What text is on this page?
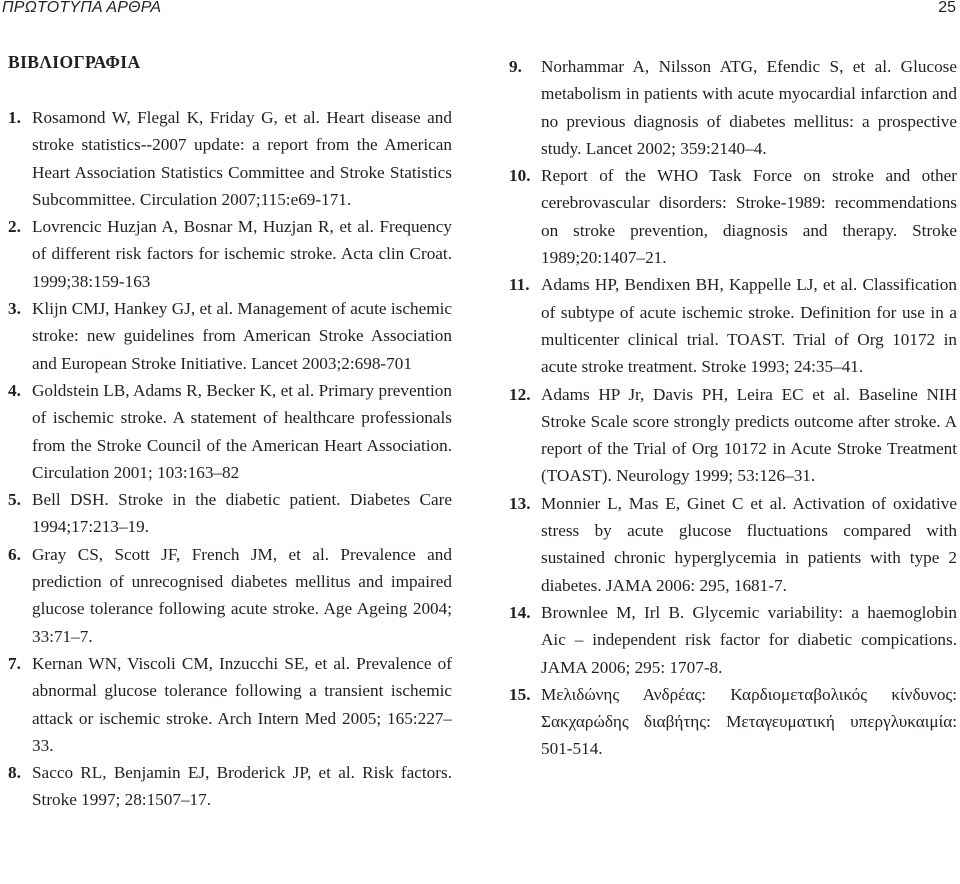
ΠΡΩΤΟΤΥΠΑ ΑΡΘΡΑ	25
ΒΙΒΛΙΟΓΡΑΦΙΑ
1. Rosamond W, Flegal K, Friday G, et al. Heart disease and stroke statistics--2007 update: a report from the American Heart Association Statistics Committee and Stroke Statistics Subcommittee. Circulation 2007;115:e69-171.
2. Lovrencic Huzjan A, Bosnar M, Huzjan R, et al. Frequency of different risk factors for ischemic stroke. Acta clin Croat. 1999;38:159-163
3. Klijn CMJ, Hankey GJ, et al. Management of acute ischemic stroke: new guidelines from American Stroke Association and European Stroke Initiative. Lancet 2003;2:698-701
4. Goldstein LB, Adams R, Becker K, et al. Primary prevention of ischemic stroke. A statement of healthcare professionals from the Stroke Council of the American Heart Association. Circulation 2001; 103:163–82
5. Bell DSH. Stroke in the diabetic patient. Diabetes Care 1994;17:213–19.
6. Gray CS, Scott JF, French JM, et al. Prevalence and prediction of unrecognised diabetes mellitus and impaired glucose tolerance following acute stroke. Age Ageing 2004; 33:71–7.
7. Kernan WN, Viscoli CM, Inzucchi SE, et al. Prevalence of abnormal glucose tolerance following a transient ischemic attack or ischemic stroke. Arch Intern Med 2005; 165:227–33.
8. Sacco RL, Benjamin EJ, Broderick JP, et al. Risk factors. Stroke 1997; 28:1507–17.
9.	Norhammar A, Nilsson ATG, Efendic S, et al. Glucose metabolism in patients with acute myocardial infarction and no previous diagnosis of diabetes mellitus: a prospective study. Lancet 2002; 359:2140–4.
10. Report of the WHO Task Force on stroke and other cerebrovascular disorders: Stroke-1989: recommendations on stroke prevention, diagnosis and therapy. Stroke 1989;20:1407–21.
11. Adams HP, Bendixen BH, Kappelle LJ, et al. Classification of subtype of acute ischemic stroke. Definition for use in a multicenter clinical trial. TOAST. Trial of Org 10172 in acute stroke treatment. Stroke 1993; 24:35–41.
12. Adams HP Jr, Davis PH, Leira EC et al. Baseline NIH Stroke Scale score strongly predicts outcome after stroke. A report of the Trial of Org 10172 in Acute Stroke Treatment (TOAST). Neurology 1999; 53:126–31.
13. Monnier L, Mas E, Ginet C et al. Activation of oxidative stress by acute glucose fluctuations compared with sustained chronic hyperglycemia in patients with type 2 diabetes. JAMA 2006: 295, 1681-7.
14. Brownlee M, Irl B. Glycemic variability: a haemoglobin Aic – independent risk factor for diabetic compications. JAMA 2006; 295: 1707-8.
15. Μελιδώνης Ανδρέας: Καρδιομεταβολικός κίνδυνος: Σακχαρώδης διαβήτης: Μεταγευματική υπεργλυκαιμία: 501-514.
